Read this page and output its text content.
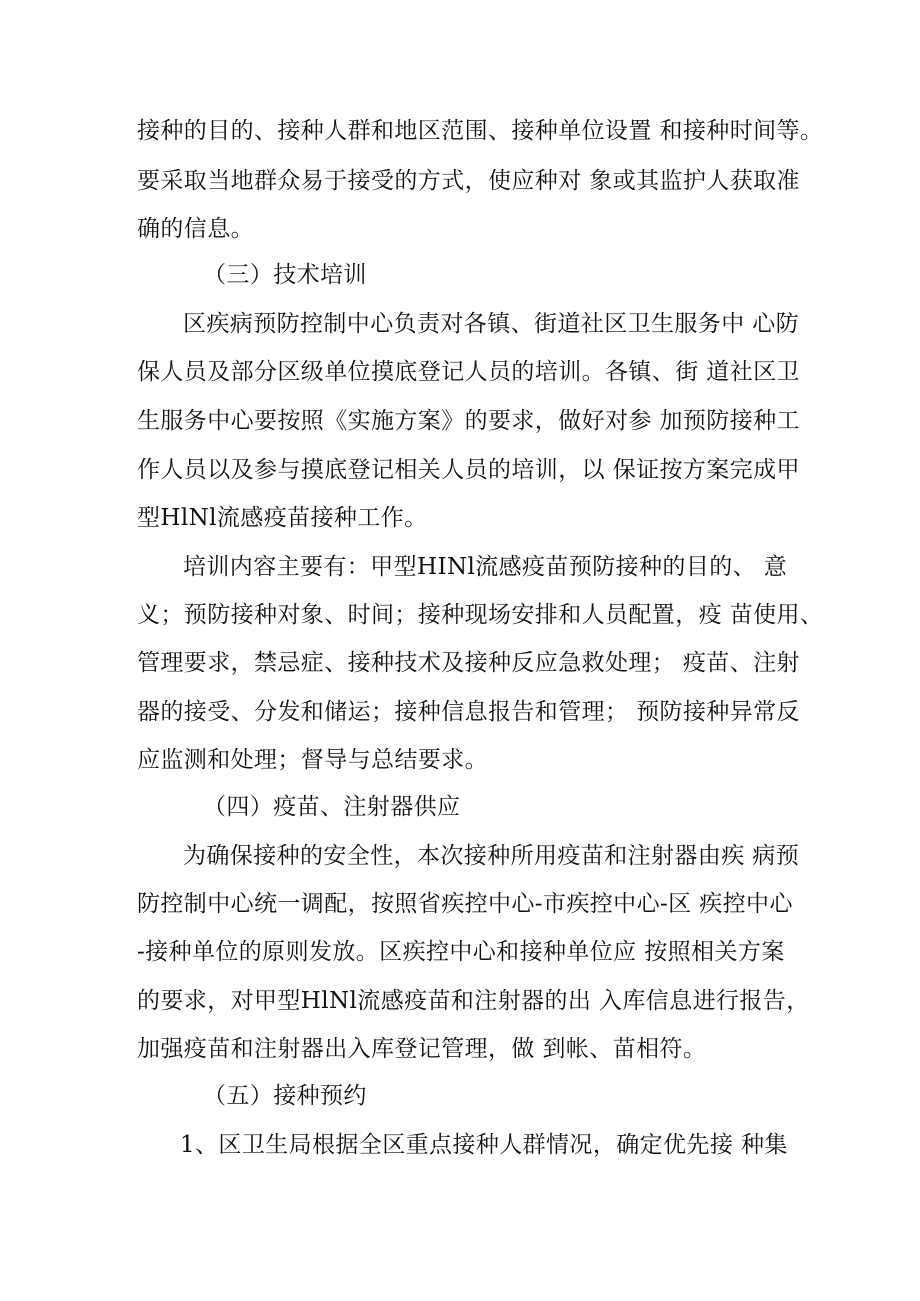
接种的目的、接种人群和地区范围、接种单位设置 和接种时间等。
要采取当地群众易于接受的方式，使应种对 象或其监护人获取准
确的信息。
（三）技术培训
区疾病预防控制中心负责对各镇、街道社区卫生服务中 心防
保人员及部分区级单位摸底登记人员的培训。各镇、街 道社区卫
生服务中心要按照《实施方案》的要求，做好对参 加预防接种工
作人员以及参与摸底登记相关人员的培训，以 保证按方案完成甲
型HlNl流感疫苗接种工作。
培训内容主要有：甲型HINl流感疫苗预防接种的目的、 意
义；预防接种对象、时间；接种现场安排和人员配置，疫 苗使用、
管理要求，禁忌症、接种技术及接种反应急救处理； 疫苗、注射
器的接受、分发和储运；接种信息报告和管理； 预防接种异常反
应监测和处理；督导与总结要求。
（四）疫苗、注射器供应
为确保接种的安全性，本次接种所用疫苗和注射器由疾 病预
防控制中心统一调配，按照省疾控中心-市疾控中心-区 疾控中心
-接种单位的原则发放。区疾控中心和接种单位应 按照相关方案
的要求，对甲型HlNl流感疫苗和注射器的出 入库信息进行报告，
加强疫苗和注射器出入库登记管理，做 到帐、苗相符。
（五）接种预约
1、区卫生局根据全区重点接种人群情况，确定优先接 种集
